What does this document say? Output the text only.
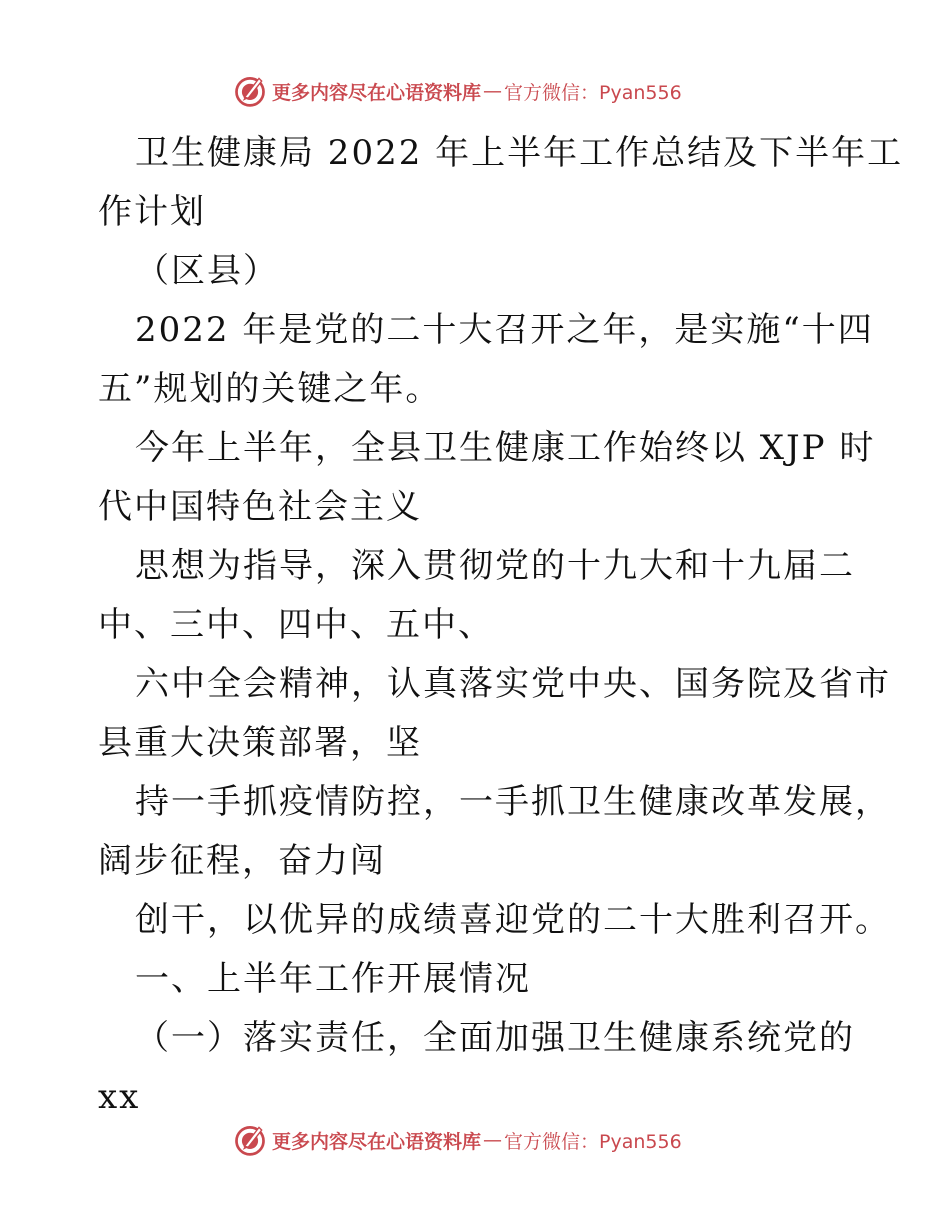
更多内容尽在心语资料库 — 官方微信：Pyan556
卫生健康局 2022 年上半年工作总结及下半年工
作计划
（区县）
2022 年是党的二十大召开之年，是实施“十四
五”规划的关键之年。
今年上半年，全县卫生健康工作始终以 XJP 时
代中国特色社会主义
思想为指导，深入贯彻党的十九大和十九届二
中、三中、四中、五中、
六中全会精神，认真落实党中央、国务院及省市
县重大决策部署，坚
持一手抓疫情防控，一手抓卫生健康改革发展，
阔步征程，奋力闯
创干，以优异的成绩喜迎党的二十大胜利召开。
一、上半年工作开展情况
（一）落实责任，全面加强卫生健康系统党的
xx
更多内容尽在心语资料库 — 官方微信：Pyan556
